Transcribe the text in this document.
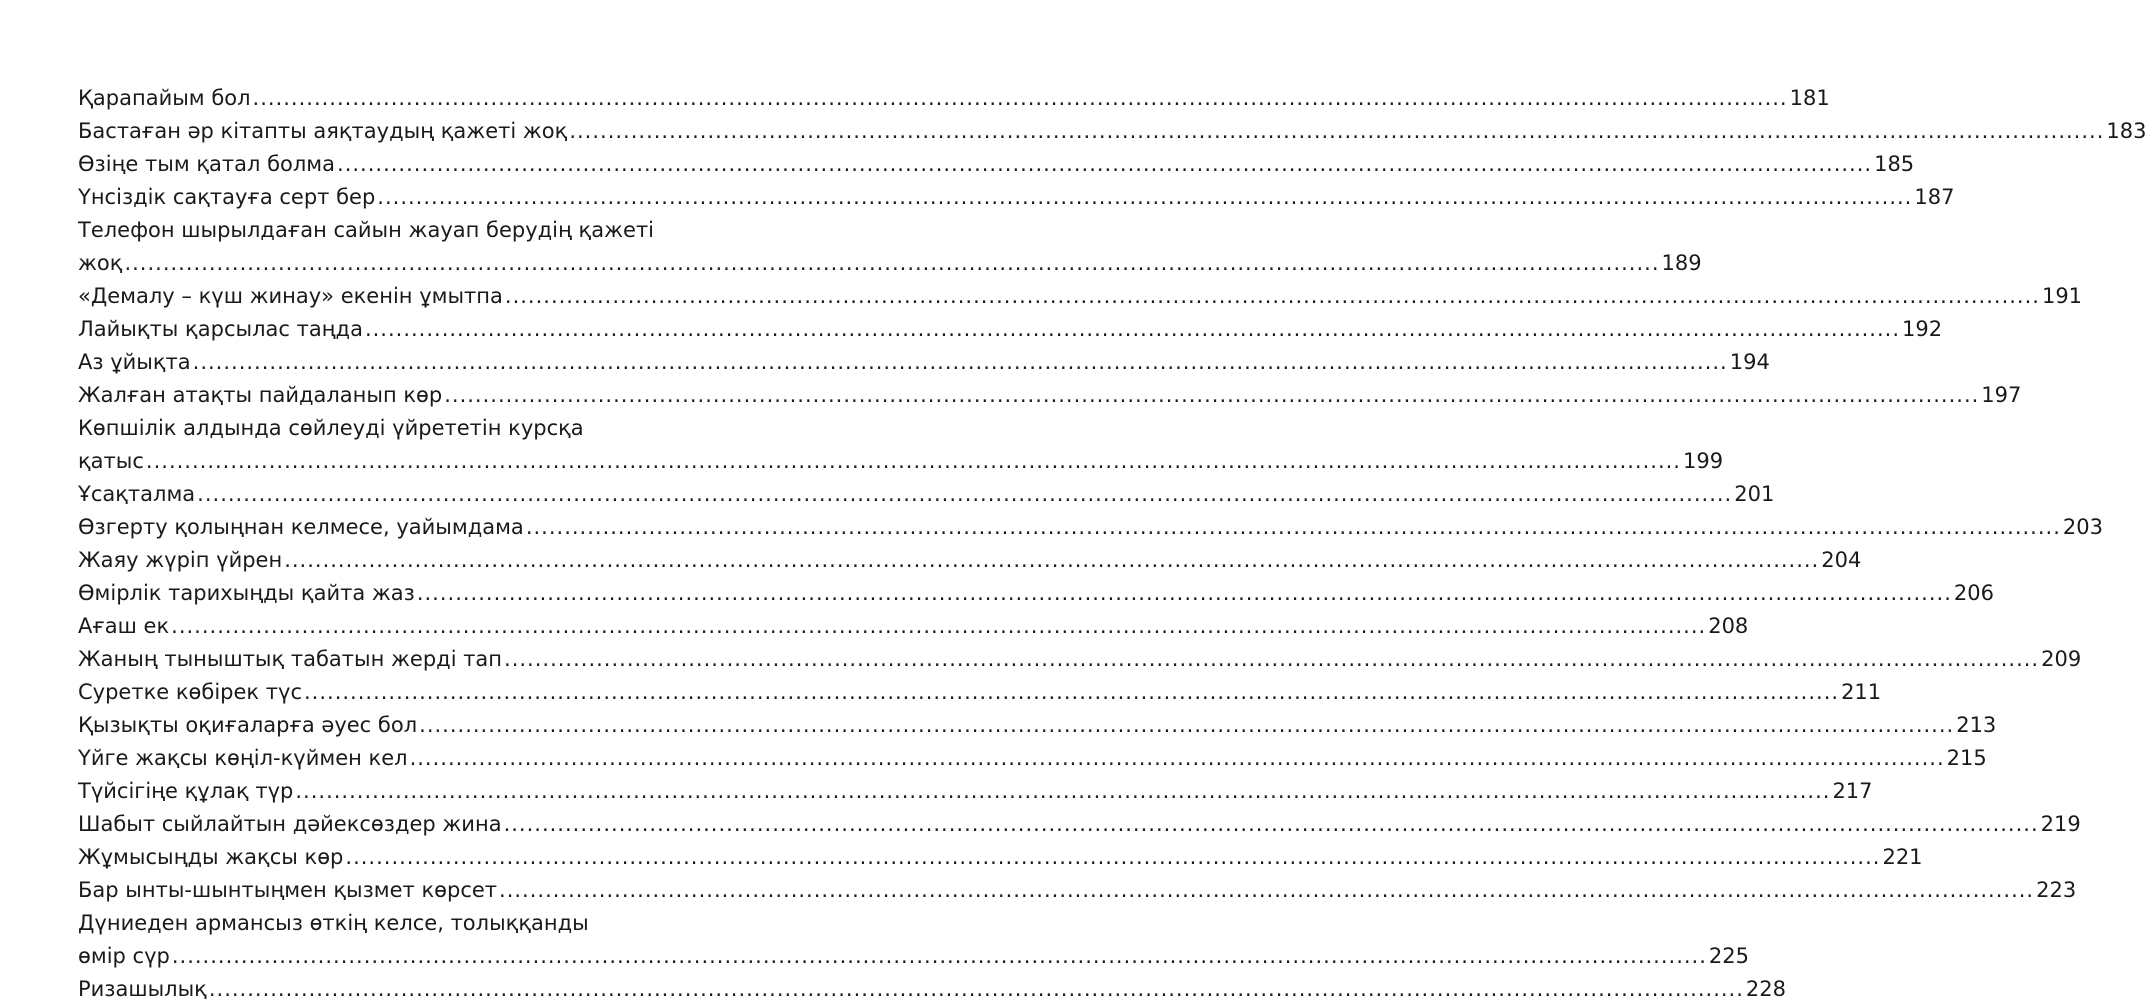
Қарапайым бол ........................................................................................................................................................................................................ 181
Бастаған әр кітапты аяқтаудың қажеті жоқ ........................................................................................................................................................................................................ 183
Өзіңе тым қатал болма ........................................................................................................................................................................................................ 185
Үнсіздік сақтауға серт бер ........................................................................................................................................................................................................ 187
Телефон шырылдаған сайын жауап берудің қажеті
жоқ ........................................................................................................................................................................................................ 189
«Демалу – күш жинау» екенін ұмытпа ........................................................................................................................................................................................................ 191
Лайықты қарсылас таңда ........................................................................................................................................................................................................ 192
Аз ұйықта ........................................................................................................................................................................................................ 194
Жалған атақты пайдаланып көр ........................................................................................................................................................................................................ 197
Көпшілік алдында сөйлеуді үйрететін курсқа
қатыс ........................................................................................................................................................................................................ 199
Ұсақталма ........................................................................................................................................................................................................ 201
Өзгерту қолыңнан келмесе, уайымдама ........................................................................................................................................................................................................ 203
Жаяу жүріп үйрен ........................................................................................................................................................................................................ 204
Өмірлік тарихыңды қайта жаз ........................................................................................................................................................................................................ 206
Ағаш ек ........................................................................................................................................................................................................ 208
Жаның тыныштық табатын жерді тап ........................................................................................................................................................................................................ 209
Суретке көбірек түс ........................................................................................................................................................................................................ 211
Қызықты оқиғаларға әуес бол ........................................................................................................................................................................................................ 213
Үйге жақсы көңіл-күймен кел ........................................................................................................................................................................................................ 215
Түйсігіңе құлақ түр ........................................................................................................................................................................................................ 217
Шабыт сыйлайтын дәйексөздер жина ........................................................................................................................................................................................................ 219
Жұмысыңды жақсы көр ........................................................................................................................................................................................................ 221
Бар ынты-шынтыңмен қызмет көрсет ........................................................................................................................................................................................................ 223
Дүниеден армансыз өткің келсе, толыққанды
өмір сүр ........................................................................................................................................................................................................ 225
Ризашылық ........................................................................................................................................................................................................ 228
